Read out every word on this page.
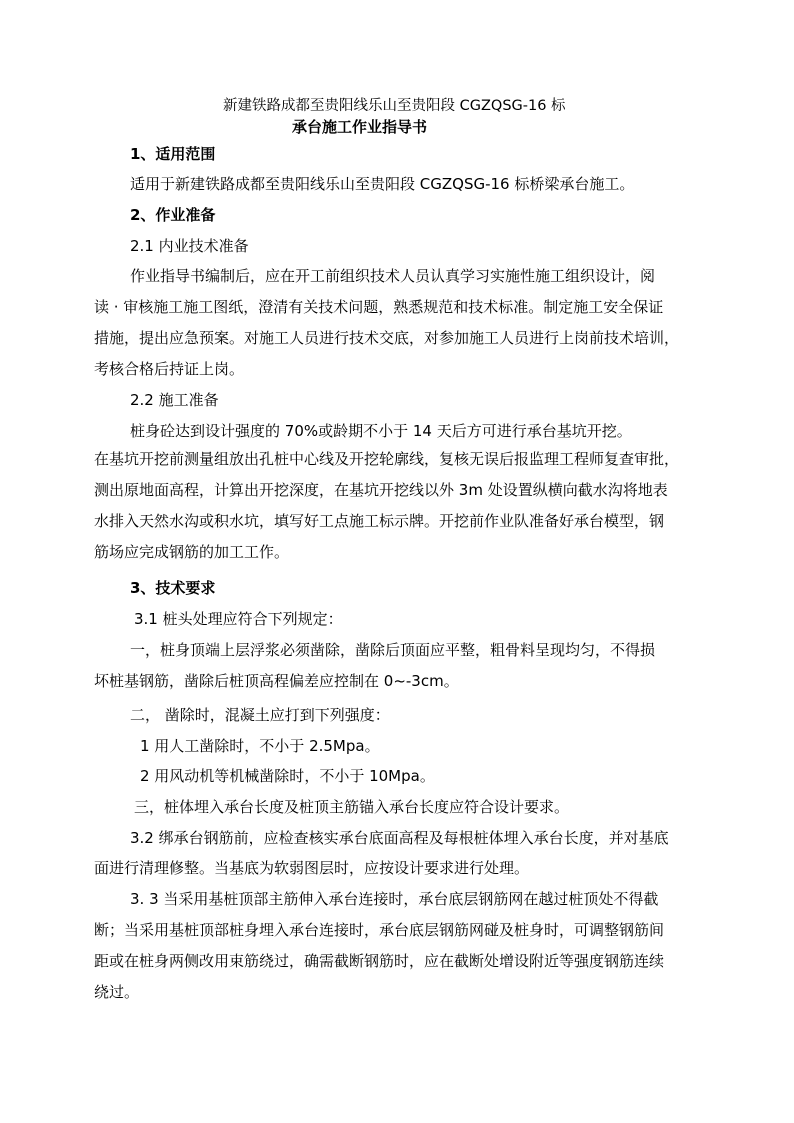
新建铁路成都至贵阳线乐山至贵阳段 CGZQSG-16 标
承台施工作业指导书
1、适用范围
适用于新建铁路成都至贵阳线乐山至贵阳段 CGZQSG-16 标桥梁承台施工。
2、作业准备
2.1 内业技术准备
作业指导书编制后，应在开工前组织技术人员认真学习实施性施工组织设计，阅
读 · 审核施工施工图纸，澄清有关技术问题，熟悉规范和技术标准。制定施工安全保证
措施，提出应急预案。对施工人员进行技术交底，对参加施工人员进行上岗前技术培训，
考核合格后持证上岗。
2.2 施工准备
桩身砼达到设计强度的 70%或龄期不小于 14 天后方可进行承台基坑开挖。
在基坑开挖前测量组放出孔桩中心线及开挖轮廓线，复核无误后报监理工程师复查审批，
测出原地面高程，计算出开挖深度，在基坑开挖线以外 3m 处设置纵横向截水沟将地表
水排入天然水沟或积水坑，填写好工点施工标示牌。开挖前作业队准备好承台模型，钢
筋场应完成钢筋的加工工作。
3、技术要求
3.1 桩头处理应符合下列规定：
一，桩身顶端上层浮浆必须凿除，凿除后顶面应平整，粗骨料呈现均匀，不得损
坏桩基钢筋，凿除后桩顶高程偏差应控制在 0~-3cm。
二， 凿除时，混凝土应打到下列强度：
1 用人工凿除时，不小于 2.5Mpa。
2 用风动机等机械凿除时，不小于 10Mpa。
三，桩体埋入承台长度及桩顶主筋锚入承台长度应符合设计要求。
3.2 绑承台钢筋前，应检查核实承台底面高程及每根桩体埋入承台长度，并对基底
面进行清理修整。当基底为软弱图层时，应按设计要求进行处理。
3. 3 当采用基桩顶部主筋伸入承台连接时，承台底层钢筋网在越过桩顶处不得截
断；当采用基桩顶部桩身埋入承台连接时，承台底层钢筋网碰及桩身时，可调整钢筋间
距或在桩身两侧改用束筋绕过，确需截断钢筋时，应在截断处增设附近等强度钢筋连续
绕过。
